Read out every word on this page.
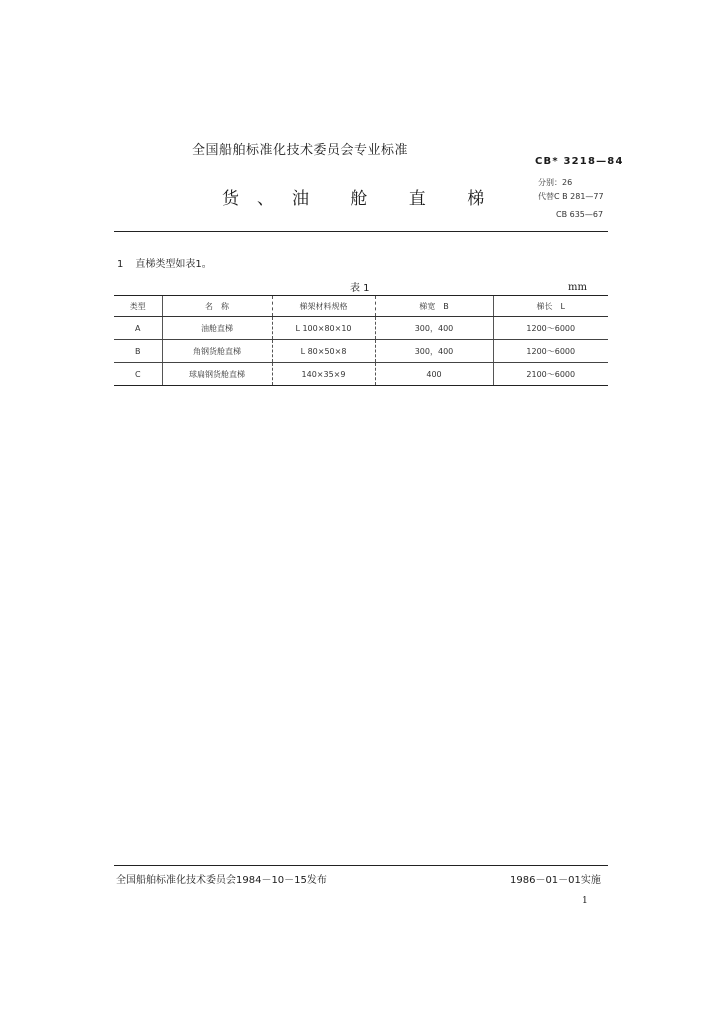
全国船舶标准化技术委员会专业标准
CB* 3218—84
货、油 舱 直 梯
分别：26
代替C B 281—77
CB 635—67
1 直梯类型如表1。
表 1	mm
类型	名　称	梯架材料规格	梯宽　B	梯长　L
A	油舱直梯	L 100×80×10	300，400	1200～6000
B	角钢货舱直梯	L 80×50×8	300，400	1200～6000
C	球扁钢货舱直梯	140×35×9	400	2100～6000
全国船舶标准化技术委员会1984－10－15发布	1986－01－01实施
1
